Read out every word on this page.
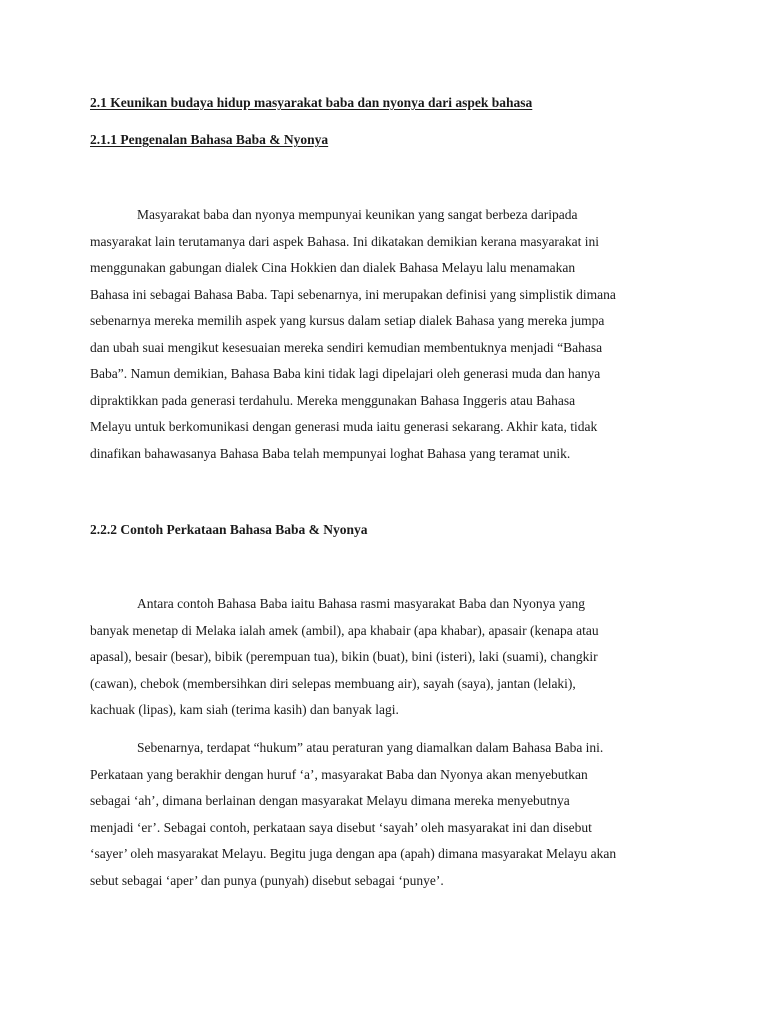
2.1 Keunikan budaya hidup masyarakat baba dan nyonya dari aspek bahasa
2.1.1 Pengenalan Bahasa Baba & Nyonya

Masyarakat baba dan nyonya mempunyai keunikan yang sangat berbeza daripada
masyarakat lain terutamanya dari aspek Bahasa. Ini dikatakan demikian kerana masyarakat ini
menggunakan gabungan dialek Cina Hokkien dan dialek Bahasa Melayu lalu menamakan
Bahasa ini sebagai Bahasa Baba. Tapi sebenarnya, ini merupakan definisi yang simplistik dimana
sebenarnya mereka memilih aspek yang kursus dalam setiap dialek Bahasa yang mereka jumpa
dan ubah suai mengikut kesesuaian mereka sendiri kemudian membentuknya menjadi “Bahasa
Baba”. Namun demikian, Bahasa Baba kini tidak lagi dipelajari oleh generasi muda dan hanya
dipraktikkan pada generasi terdahulu. Mereka menggunakan Bahasa Inggeris atau Bahasa
Melayu untuk berkomunikasi dengan generasi muda iaitu generasi sekarang. Akhir kata, tidak
dinafikan bahawasanya Bahasa Baba telah mempunyai loghat Bahasa yang teramat unik.

2.2.2 Contoh Perkataan Bahasa Baba & Nyonya

Antara contoh Bahasa Baba iaitu Bahasa rasmi masyarakat Baba dan Nyonya yang
banyak menetap di Melaka ialah amek (ambil), apa khabair (apa khabar), apasair (kenapa atau
apasal), besair (besar), bibik (perempuan tua), bikin (buat), bini (isteri), laki (suami), changkir
(cawan), chebok (membersihkan diri selepas membuang air), sayah (saya), jantan (lelaki),
kachuak (lipas), kam siah (terima kasih) dan banyak lagi.

Sebenarnya, terdapat “hukum” atau peraturan yang diamalkan dalam Bahasa Baba ini.
Perkataan yang berakhir dengan huruf ‘a’, masyarakat Baba dan Nyonya akan menyebutkan
sebagai ‘ah’, dimana berlainan dengan masyarakat Melayu dimana mereka menyebutnya
menjadi ‘er’. Sebagai contoh, perkataan saya disebut ‘sayah’ oleh masyarakat ini dan disebut
‘sayer’ oleh masyarakat Melayu. Begitu juga dengan apa (apah) dimana masyarakat Melayu akan
sebut sebagai ‘aper’ dan punya (punyah) disebut sebagai ‘punye’.
